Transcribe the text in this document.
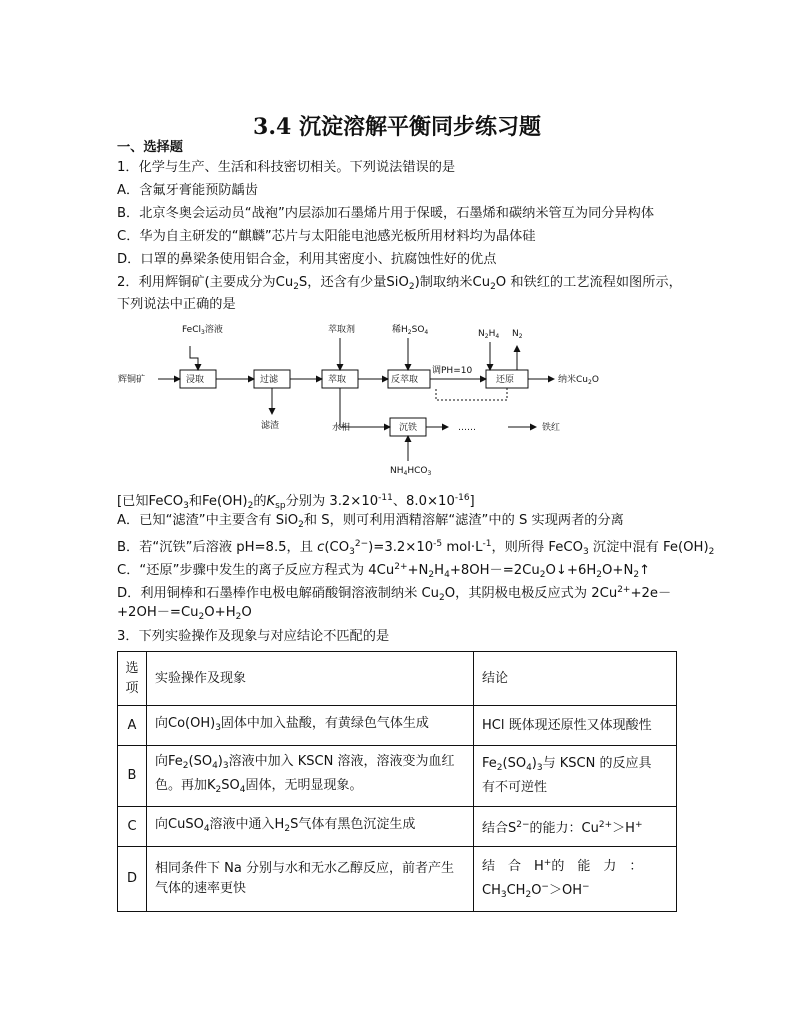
3.4 沉淀溶解平衡同步练习题
一、选择题
1．化学与生产、生活和科技密切相关。下列说法错误的是
A．含氟牙膏能预防龋齿
B．北京冬奥会运动员“战袍”内层添加石墨烯片用于保暖，石墨烯和碳纳米管互为同分异构体
C．华为自主研发的“麒麟”芯片与太阳能电池感光板所用材料均为晶体硅
D．口罩的鼻梁条使用铝合金，利用其密度小、抗腐蚀性好的优点
2．利用辉铜矿(主要成分为$Cu_2S$，还含有少量SiO$_2$)制取纳米$Cu_2O$ 和铁红的工艺流程如图所示，
下列说法中正确的是
辉铜矿
FeCl$_3$溶液
浸取	过滤
滤渣
萃取剂
萃取
稀$H_2SO_4$
反萃取
调PH=10
$N_2H_4$ $N_2$
还原	纳米$Cu_2O$
水相	沉铁	……	铁红
$NH_4HCO_3$
[已知FeCO$_3$和$Fe(OH)_2$的$K_{sp}$分别为 $3.2\times 10^{-11}$、$8.0\times 10^{-16}$]
A．已知“滤渣”中主要含有 SiO$_2$和 S，则可利用酒精溶解“滤渣”中的 S 实现两者的分离
B．若“沉铁”后溶液 pH=8.5，且 $c(CO_3^{2-})=3.2\times 10^{-5}$ $mol\cdot L^{-1}$，则所得 FeCO$_3$ 沉淀中混有 $Fe(OH)_2$
C．“还原”步骤中发生的离子反应方程式为 $4Cu^{2+}+N_2H_4+8OH-=2Cu_2O↓+6H_2O+N_2↑$
D．利用铜棒和石墨棒作电极电解硝酸铜溶液制纳米 $Cu_2O$，其阴极电极反应式为 $2Cu^{2+}+2e-$
$+2OH-=Cu_2O+H_2O$
3．下列实验操作及现象与对应结论不匹配的是
选项	实验操作及现象	结论
A	向$Co(OH)_3$固体中加入盐酸，有黄绿色气体生成	HCl 既体现还原性又体现酸性
B	向$Fe_2(SO_4)_3$溶液中加入 KSCN 溶液，溶液变为血红
色。再加$K_2SO_4$固体，无明显现象。	$Fe_2(SO_4)_3$与 KSCN 的反应具
有不可逆性
C	向CuSO$_4$溶液中通入$H_2S$气体有黑色沉淀生成	结合$S^{2-}$的能力：$Cu^{2+}>H^+$
D	相同条件下 Na 分别与水和无水乙醇反应，前者产生气体的速率更快	结　合　H+的　能　力　：
$CH_3CH_2O^->OH^-$
